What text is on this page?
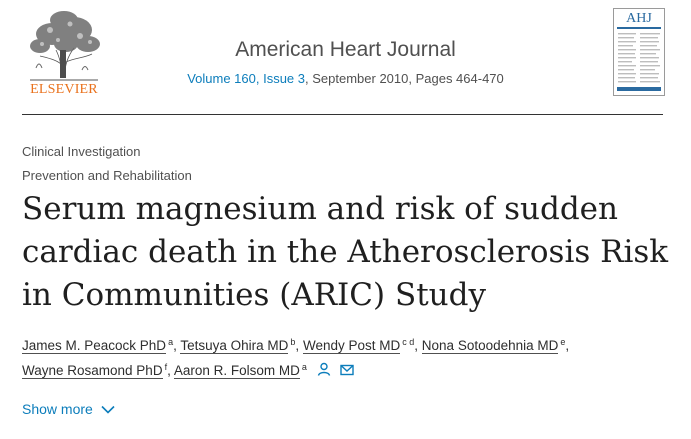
ELSEVIER
American Heart Journal
Volume 160, Issue 3, September 2010, Pages 464-470
AHJ
Clinical Investigation
Prevention and Rehabilitation
Serum magnesium and risk of sudden cardiac death in the Atherosclerosis Risk in Communities (ARIC) Study
James M. Peacock PhD $^a$, Tetsuya Ohira MD $^b$, Wendy Post MD $^{c d}$, Nona Sotoodehnia MD $^e$,
Wayne Rosamond PhD $^f$, Aaron R. Folsom MD $^a$
Show more
